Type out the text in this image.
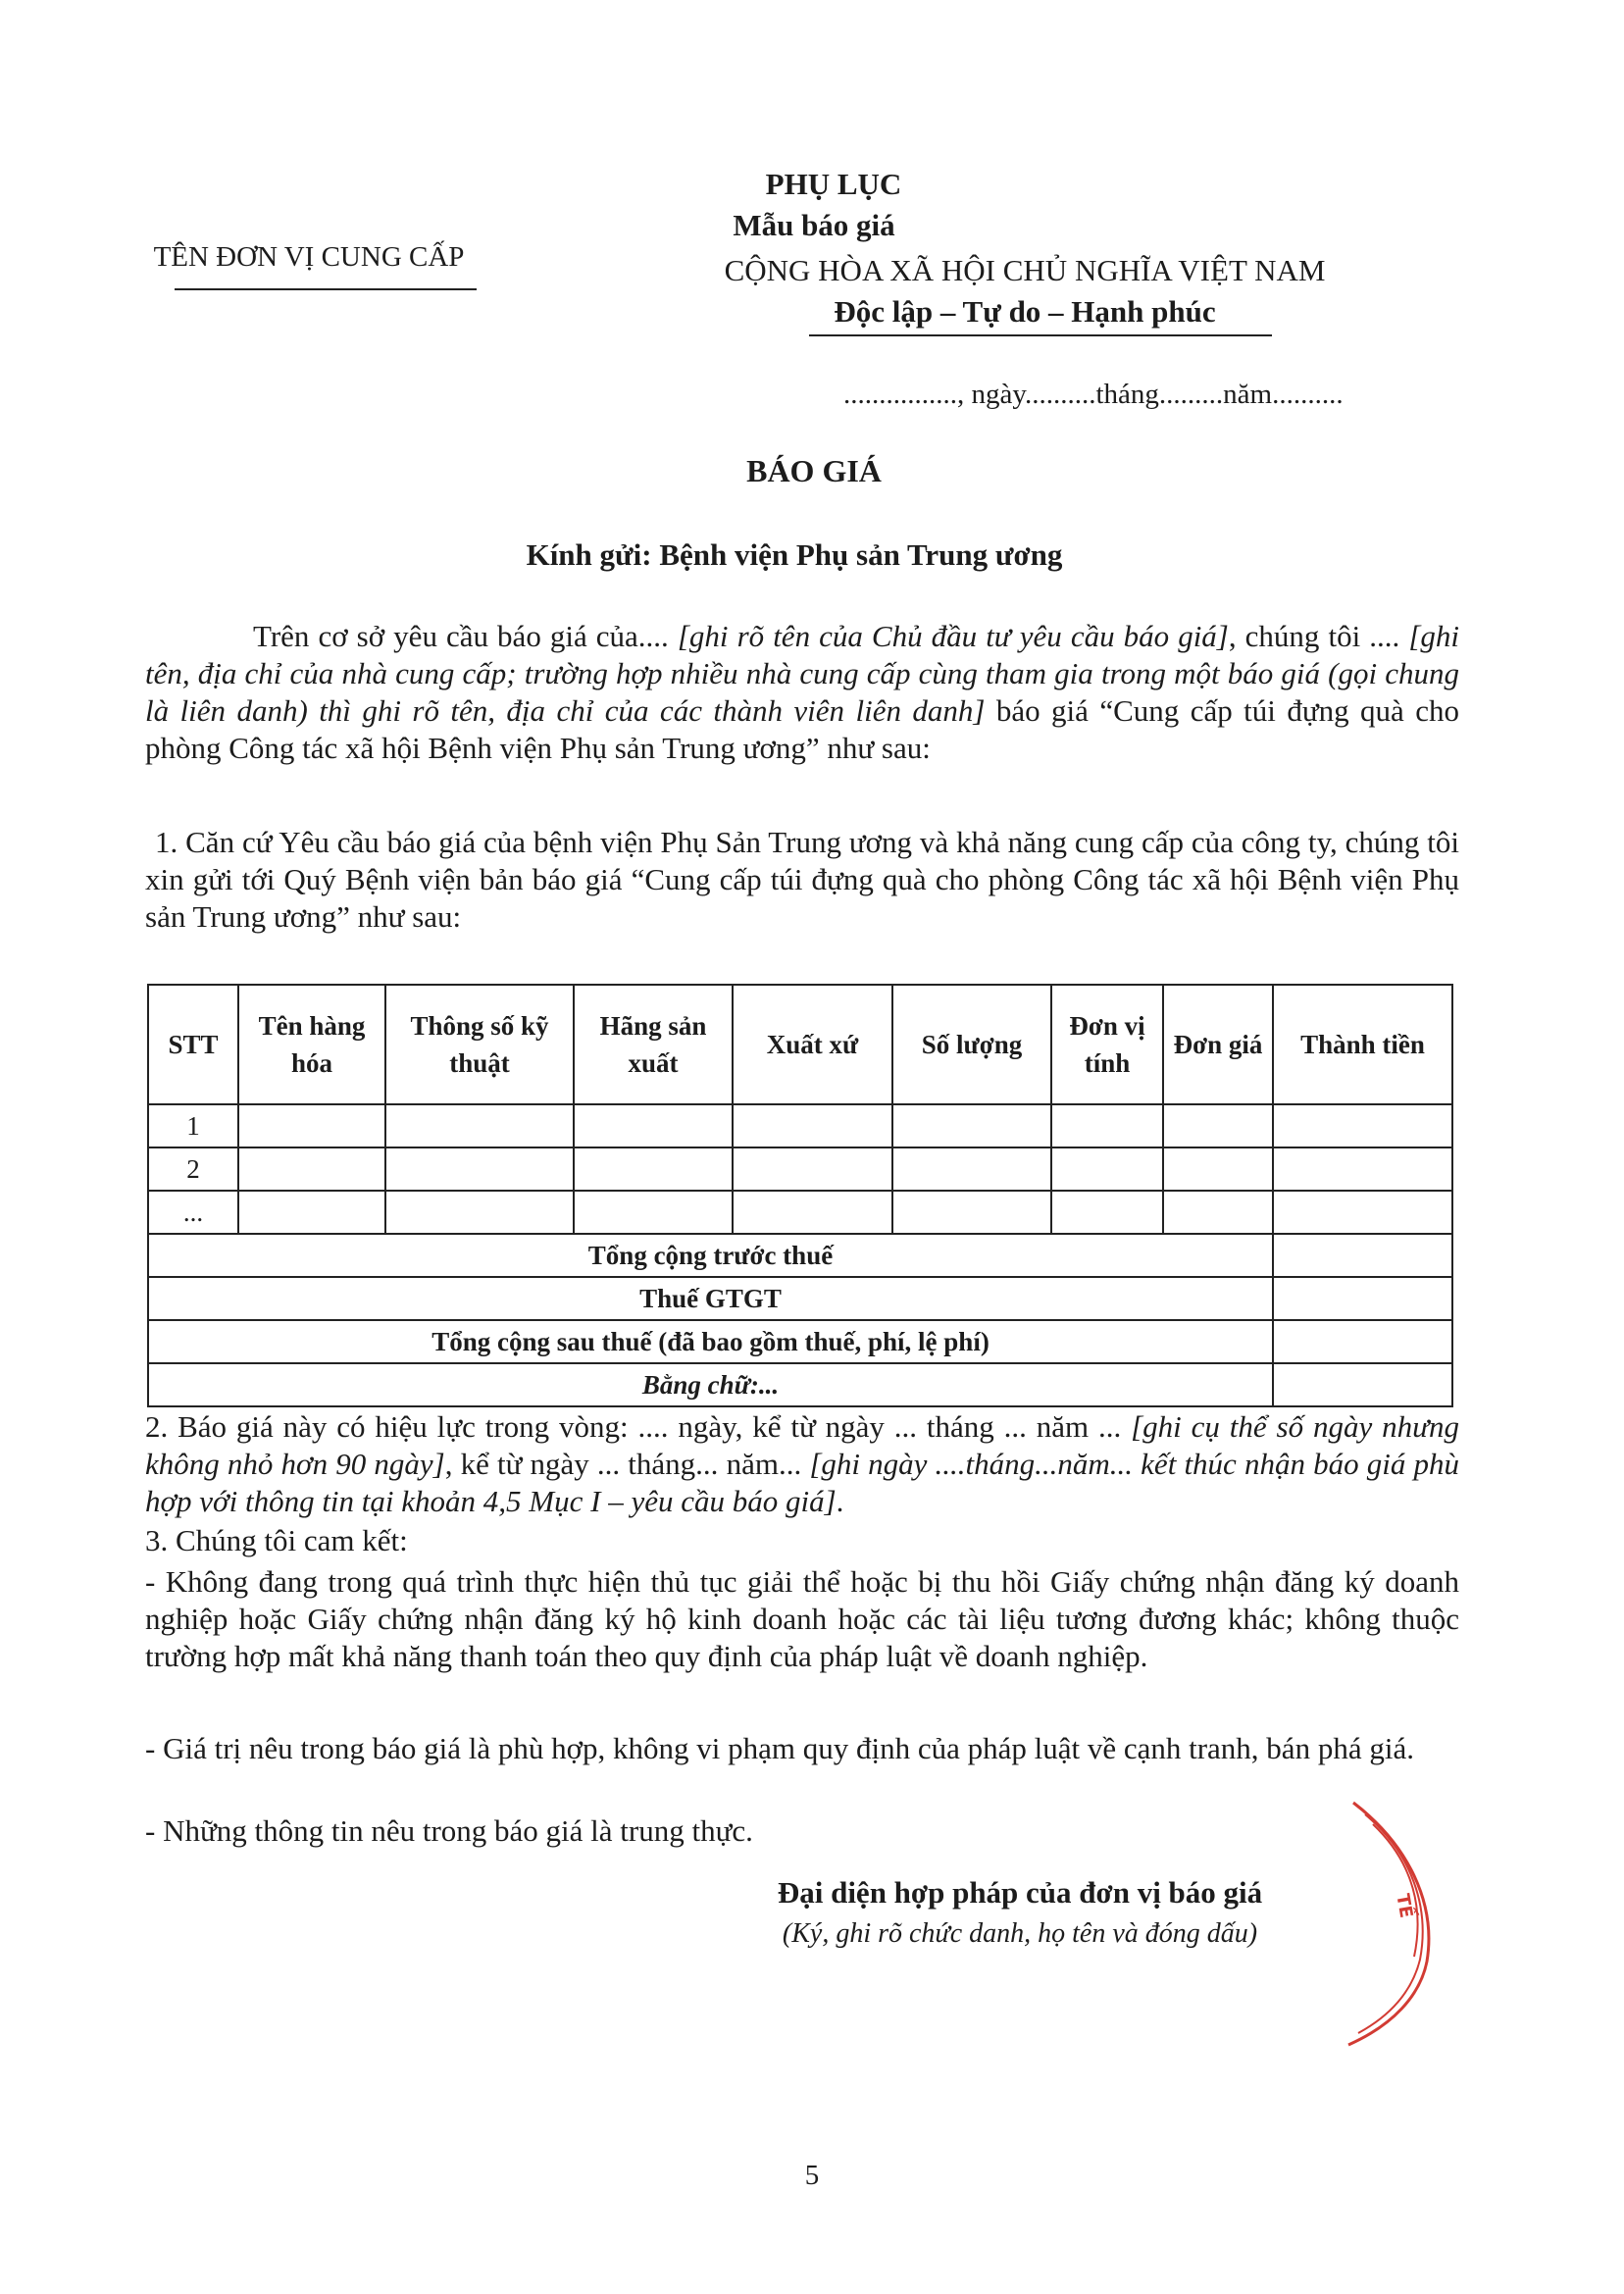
PHỤ LỤC
Mẫu báo giá
TÊN ĐƠN VỊ CUNG CẤP	CỘNG HÒA XÃ HỘI CHỦ NGHĨA VIỆT NAM
Độc lập – Tự do – Hạnh phúc
................, ngày..........tháng.........năm..........
BÁO GIÁ
Kính gửi: Bệnh viện Phụ sản Trung ương
Trên cơ sở yêu cầu báo giá của.... [ghi rõ tên của Chủ đầu tư yêu cầu báo giá], chúng tôi .... [ghi tên, địa chỉ của nhà cung cấp; trường hợp nhiều nhà cung cấp cùng tham gia trong một báo giá (gọi chung là liên danh) thì ghi rõ tên, địa chỉ của các thành viên liên danh] báo giá “Cung cấp túi đựng quà cho phòng Công tác xã hội Bệnh viện Phụ sản Trung ương” như sau:
1. Căn cứ Yêu cầu báo giá của bệnh viện Phụ Sản Trung ương và khả năng cung cấp của công ty, chúng tôi xin gửi tới Quý Bệnh viện bản báo giá “Cung cấp túi đựng quà cho phòng Công tác xã hội Bệnh viện Phụ sản Trung ương” như sau:
STT	Tên hàng hóa	Thông số kỹ thuật	Hãng sản xuất	Xuất xứ	Số lượng	Đơn vị tính	Đơn giá	Thành tiền
1								
2								
...								
Tổng cộng trước thuế								
Thuế GTGT								
Tổng cộng sau thuế (đã bao gồm thuế, phí, lệ phí)								
Bằng chữ:...								
2. Báo giá này có hiệu lực trong vòng: .... ngày, kể từ ngày ... tháng ... năm ... [ghi cụ thể số ngày nhưng không nhỏ hơn 90 ngày], kể từ ngày ... tháng... năm... [ghi ngày ....tháng...năm... kết thúc nhận báo giá phù hợp với thông tin tại khoản 4,5 Mục I – yêu cầu báo giá].
3. Chúng tôi cam kết:
- Không đang trong quá trình thực hiện thủ tục giải thể hoặc bị thu hồi Giấy chứng nhận đăng ký doanh nghiệp hoặc Giấy chứng nhận đăng ký hộ kinh doanh hoặc các tài liệu tương đương khác; không thuộc trường hợp mất khả năng thanh toán theo quy định của pháp luật về doanh nghiệp.
- Giá trị nêu trong báo giá là phù hợp, không vi phạm quy định của pháp luật về cạnh tranh, bán phá giá.
- Những thông tin nêu trong báo giá là trung thực.
Đại diện hợp pháp của đơn vị báo giá
(Ký, ghi rõ chức danh, họ tên và đóng dấu)
TẾ
5
